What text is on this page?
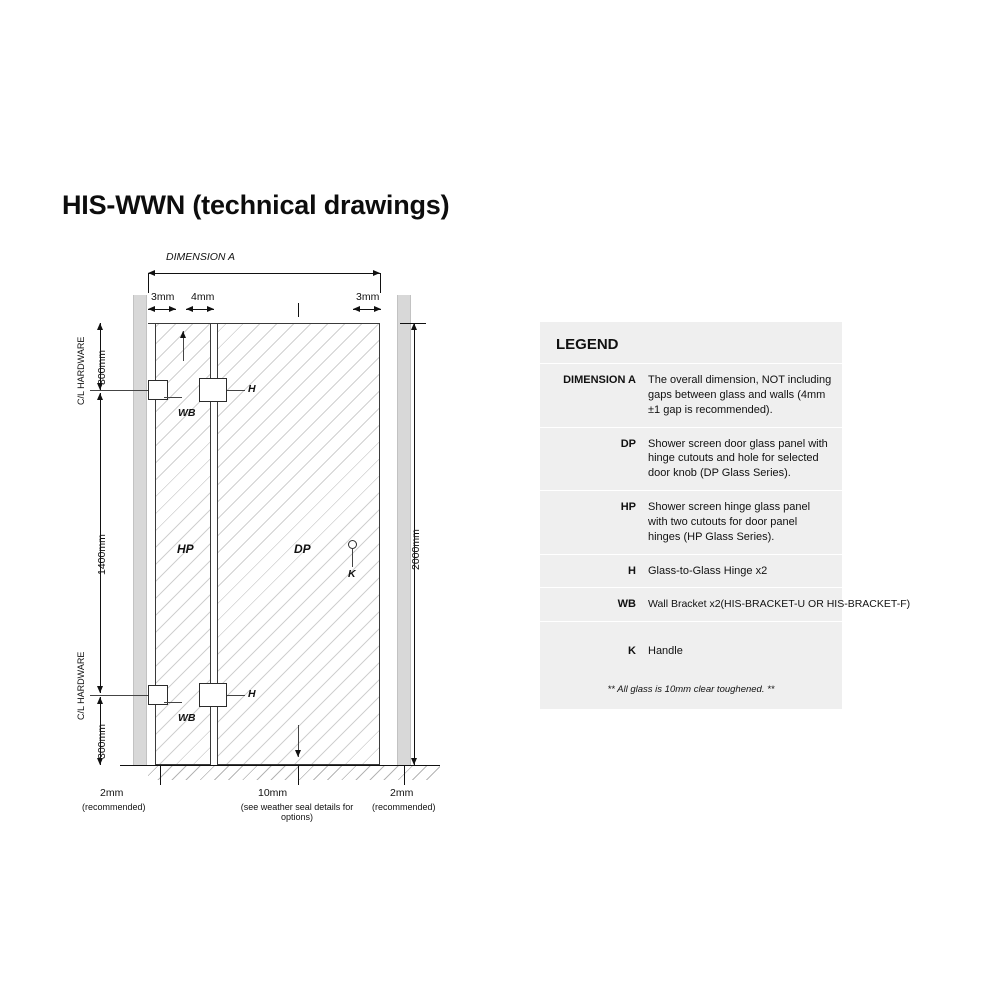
HIS-WWN (technical drawings)
DIMENSION A
3mm 4mm	3mm
2000mm
300mm
1400mm
300mm
C/L HARDWARE
C/L HARDWARE
WB
WB
H
H
HP	DP
K
2mm
(recommended)
10mm
(see weather seal details for options)
2mm
(recommended)
LEGEND
DIMENSION A	The overall dimension, NOT including gaps between glass and walls (4mm ±1 gap is recommended).
DP	Shower screen door glass panel with hinge cutouts and hole for selected door knob (DP Glass Series).
HP	Shower screen hinge glass panel with two cutouts for door panel hinges (HP Glass Series).
H	Glass-to-Glass Hinge x2
WB	Wall Bracket x2(HIS-BRACKET-U OR HIS-BRACKET-F)
K	Handle
** All glass is 10mm clear toughened. **
